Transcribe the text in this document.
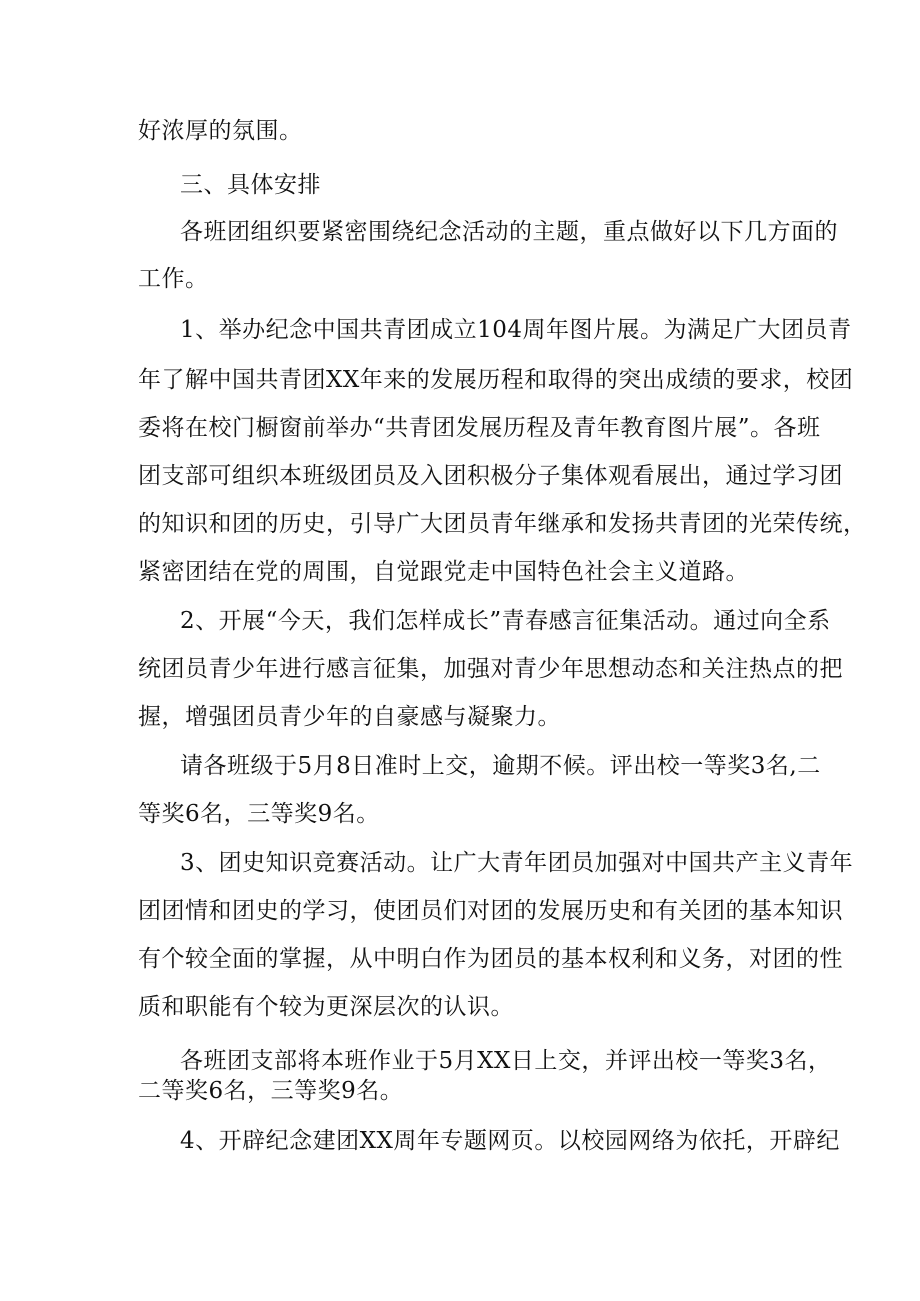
好浓厚的氛围。
三、具体安排
各班团组织要紧密围绕纪念活动的主题，重点做好以下几方面的
工作。
1、举办纪念中国共青团成立104周年图片展。为满足广大团员青
年了解中国共青团XX年来的发展历程和取得的突出成绩的要求，校团
委将在校门橱窗前举办“共青团发展历程及青年教育图片展”。各班
团支部可组织本班级团员及入团积极分子集体观看展出，通过学习团
的知识和团的历史，引导广大团员青年继承和发扬共青团的光荣传统，
紧密团结在党的周围，自觉跟党走中国特色社会主义道路。
2、开展“今天，我们怎样成长”青春感言征集活动。通过向全系
统团员青少年进行感言征集，加强对青少年思想动态和关注热点的把
握，增强团员青少年的自豪感与凝聚力。
请各班级于5月8日准时上交，逾期不候。评出校一等奖3名,二
等奖6名，三等奖9名。
3、团史知识竞赛活动。让广大青年团员加强对中国共产主义青年
团团情和团史的学习，使团员们对团的发展历史和有关团的基本知识
有个较全面的掌握，从中明白作为团员的基本权利和义务，对团的性
质和职能有个较为更深层次的认识。
各班团支部将本班作业于5月XX日上交，并评出校一等奖3名，
二等奖6名，三等奖9名。
4、开辟纪念建团XX周年专题网页。以校园网络为依托，开辟纪
